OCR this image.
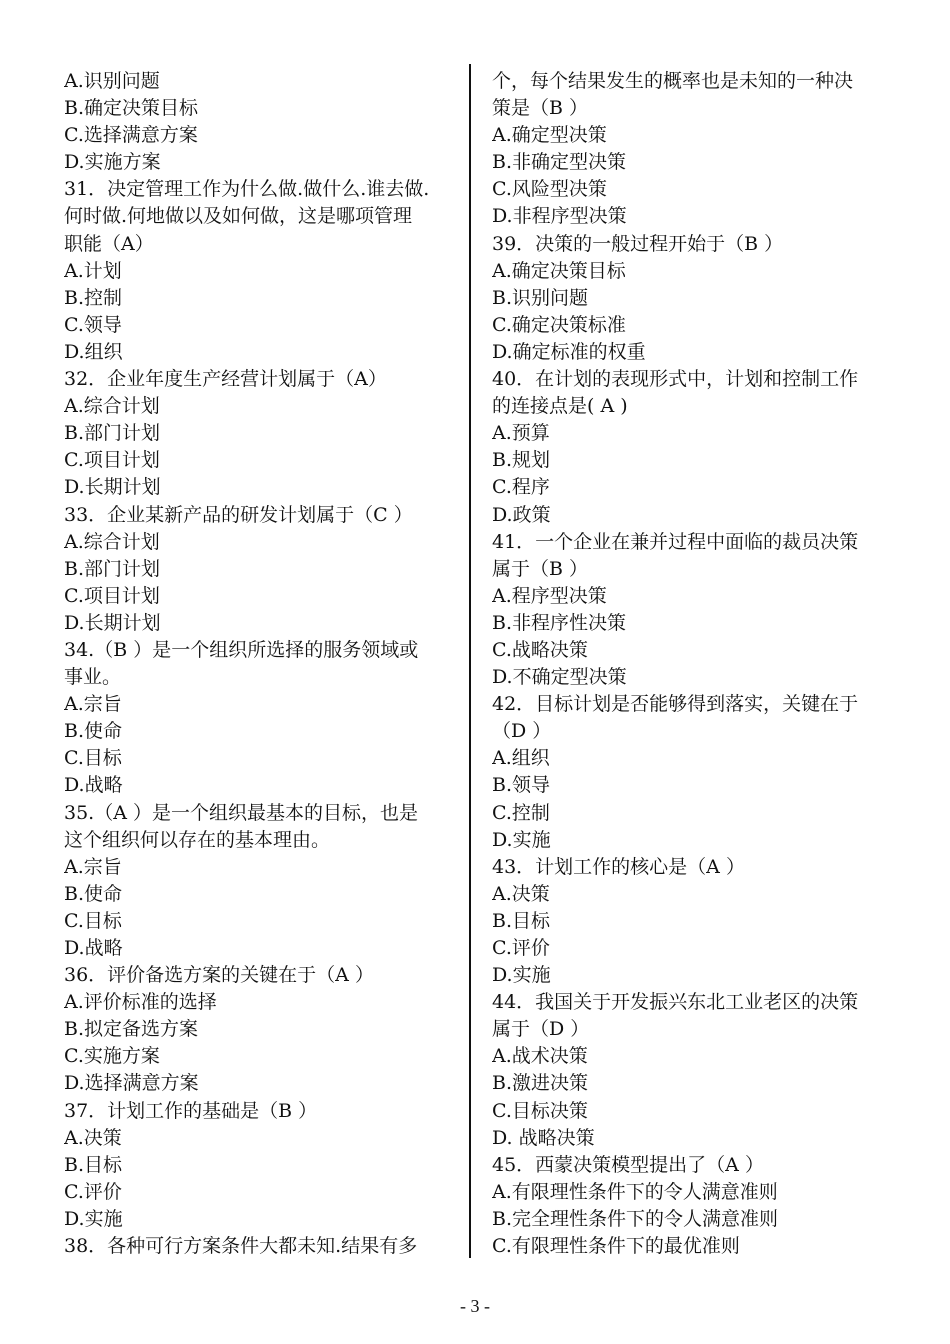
A.识别问题
B.确定决策目标
C.选择满意方案
D.实施方案
31．决定管理工作为什么做.做什么.谁去做.
何时做.何地做以及如何做，这是哪项管理
职能（A）
A.计划
B.控制
C.领导
D.组织
32．企业年度生产经营计划属于（A）
A.综合计划
B.部门计划
C.项目计划
D.长期计划
33．企业某新产品的研发计划属于（C ）
A.综合计划
B.部门计划
C.项目计划
D.长期计划
34.（B ）是一个组织所选择的服务领域或
事业。
A.宗旨
B.使命
C.目标
D.战略
35.（A ）是一个组织最基本的目标，也是
这个组织何以存在的基本理由。
A.宗旨
B.使命
C.目标
D.战略
36．评价备选方案的关键在于（A ）
A.评价标准的选择
B.拟定备选方案
C.实施方案
D.选择满意方案
37．计划工作的基础是（B ）
A.决策
B.目标
C.评价
D.实施
38．各种可行方案条件大都未知.结果有多
个，每个结果发生的概率也是未知的一种决
策是（B ）
A.确定型决策
B.非确定型决策
C.风险型决策
D.非程序型决策
39．决策的一般过程开始于（B ）
A.确定决策目标
B.识别问题
C.确定决策标准
D.确定标准的权重
40．在计划的表现形式中，计划和控制工作
的连接点是( A )
A.预算
B.规划
C.程序
D.政策
41．一个企业在兼并过程中面临的裁员决策
属于（B ）
A.程序型决策
B.非程序性决策
C.战略决策
D.不确定型决策
42．目标计划是否能够得到落实，关键在于
（D ）
A.组织
B.领导
C.控制
D.实施
43．计划工作的核心是（A ）
A.决策
B.目标
C.评价
D.实施
44．我国关于开发振兴东北工业老区的决策
属于（D ）
A.战术决策
B.激进决策
C.目标决策
D. 战略决策
45．西蒙决策模型提出了（A ）
A.有限理性条件下的令人满意准则
B.完全理性条件下的令人满意准则
C.有限理性条件下的最优准则
- 3 -
